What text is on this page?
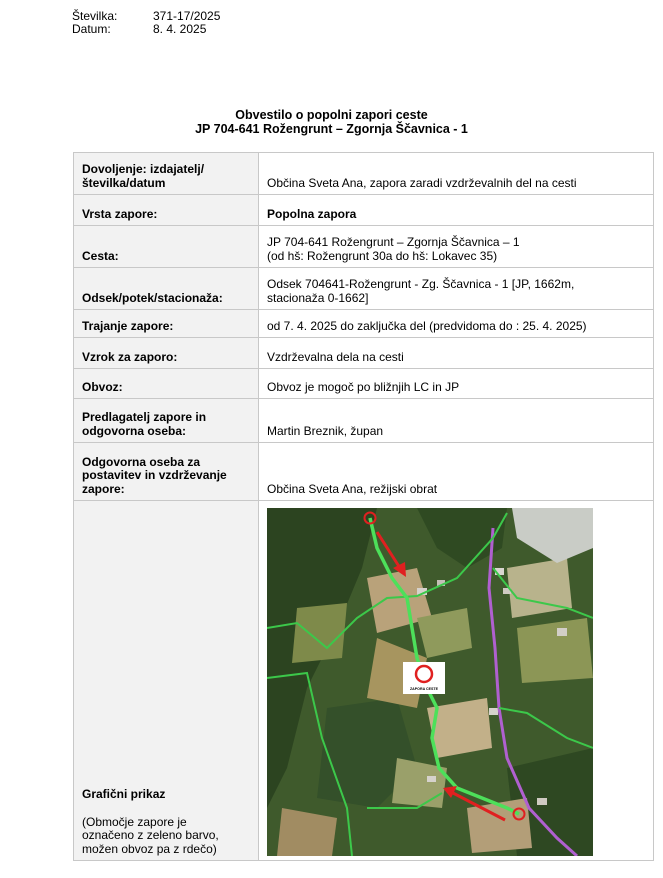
Številka:	371-17/2025
Datum:	8. 4. 2025
Obvestilo o popolni zapori ceste
JP 704-641 Rožengrunt – Zgornja Ščavnica - 1
Dovoljenje: izdajatelj/
številka/datum	Občina Sveta Ana, zapora zaradi vzdrževalnih del na cesti
Vrsta zapore:	Popolna zapora
Cesta:	JP 704-641 Rožengrunt – Zgornja Ščavnica – 1
(od hš: Rožengrunt 30a do hš: Lokavec 35)
Odsek/potek/stacionaža:	Odsek 704641-Rožengrunt - Zg. Ščavnica - 1 [JP, 1662m,
stacionaža 0-1662]
Trajanje zapore:	od 7. 4. 2025 do zaključka del (predvidoma do : 25. 4. 2025)
Vzrok za zaporo:	Vzdrževalna dela na cesti
Obvoz:	Obvoz je mogoč po bližnjih LC in JP
Predlagatelj zapore in
odgovorna oseba:	Martin Breznik, župan
Odgovorna oseba za
postavitev in vzdrževanje
zapore:	Občina Sveta Ana, režijski obrat
Grafični prikaz
(Območje zapore je
označeno z zeleno barvo,
možen obvoz pa z rdečo)	ZAPORA CESTE
